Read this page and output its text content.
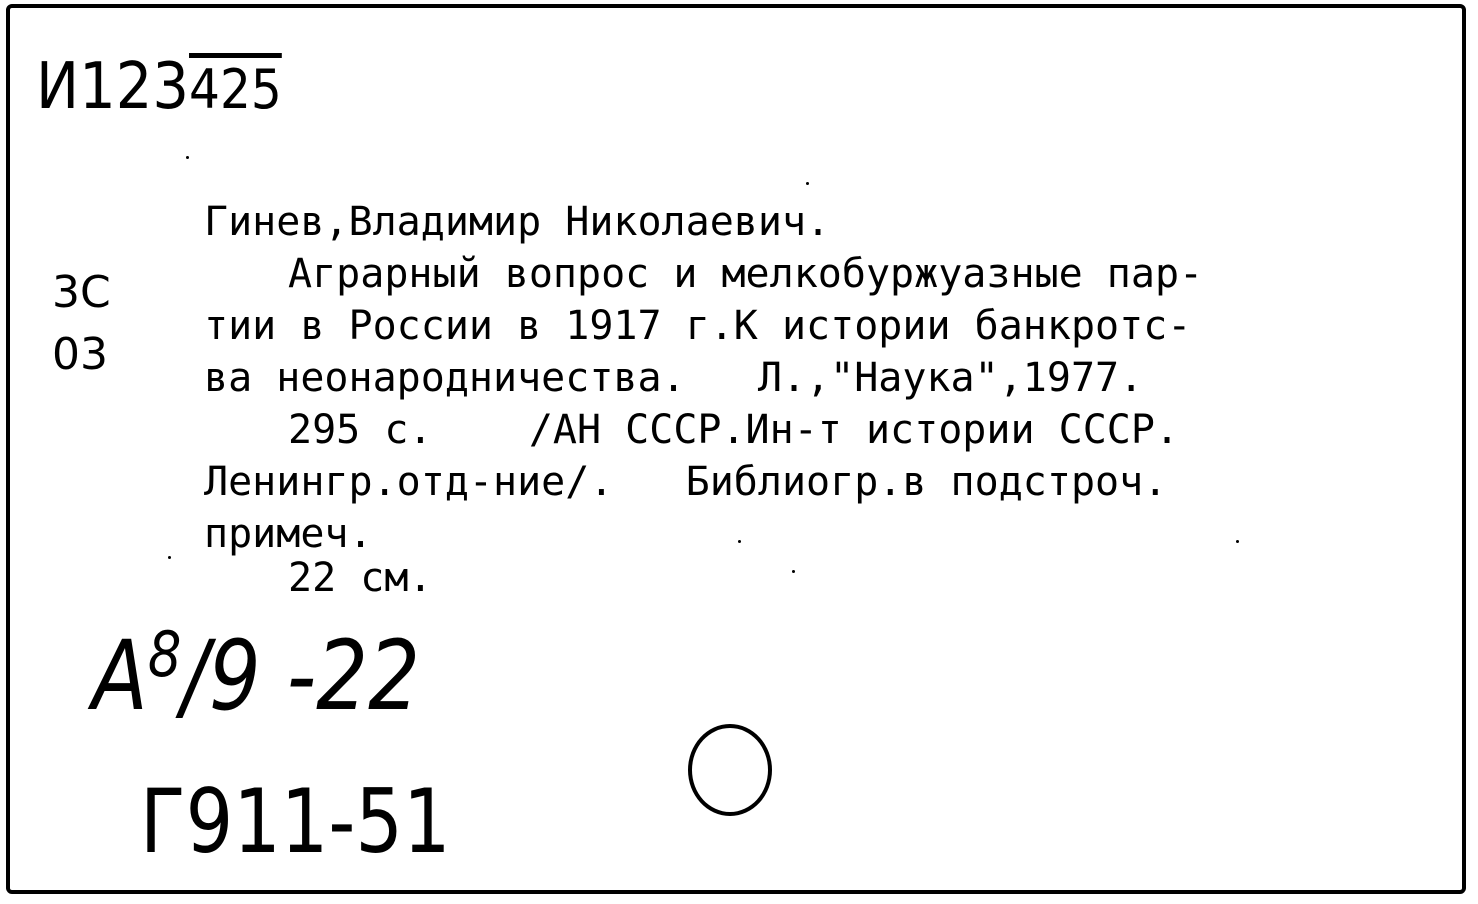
И123425
3С
03
Гинев,Владимир Николаевич.
Аграрный вопрос и мелкобуржуазные пар-
тии в России в 1917 г.К истории банкротс-
ва неонародничества.   Л.,"Наука",1977.
295 с.    /АН СССР.Ин-т истории СССР.
Ленингр.отд-ние/.   Библиогр.в подстроч.
примеч.
22 см.
$А^8/9$ -22
Г911-51
